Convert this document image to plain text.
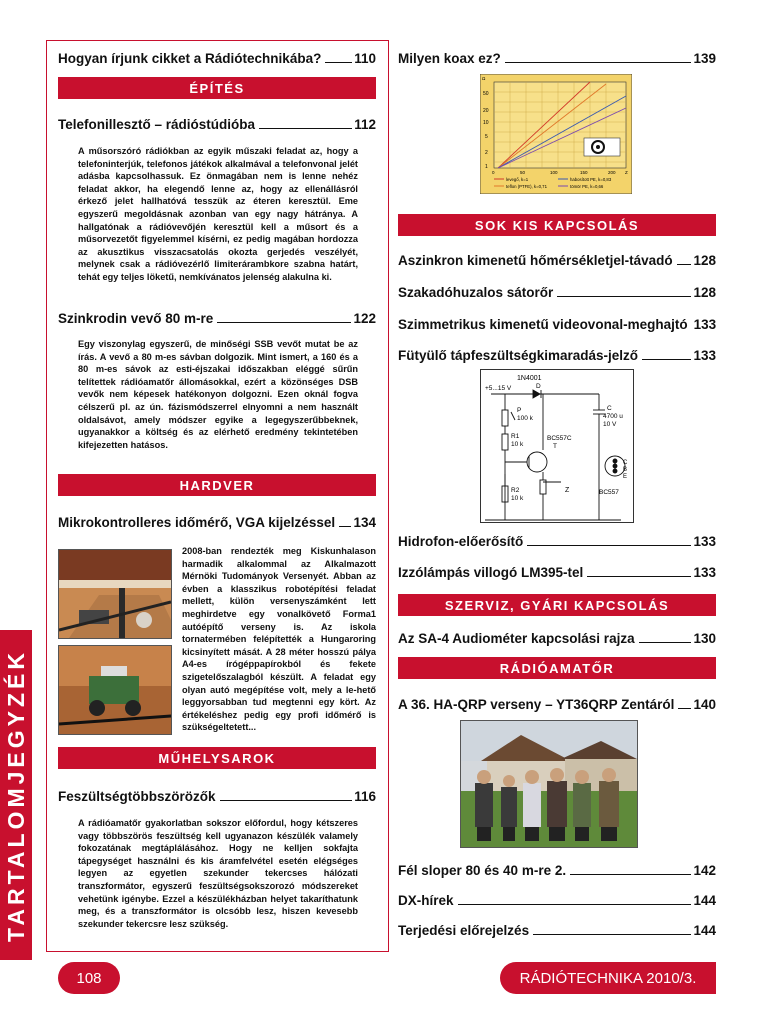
TARTALOMJEGYZÉK
Hogyan írjunk cikket a Rádiótechnikába? 110
ÉPÍTÉS
Telefonillesztő – rádióstúdióba	112
A műsorszóró rádiókban az egyik műszaki feladat az, hogy a telefoninterjúk, telefonos játékok alkalmával a telefonvonal jelét adásba kapcsolhassuk. Ez önmagában nem is lenne nehéz feladat akkor, ha elegendő lenne az, hogy az ellenállásról érkező jelet hallhatóvá tesszük az éteren keresztül. Eme egyszerű megoldásnak azonban van egy nagy hátránya. A hallgatónak a rádióvevőjén keresztül kell a műsort és a műsorvezetőt figyelemmel kísérni, ez pedig magában hordozza az akusztikus visszacsatolás okozta gerjedés veszélyét, melynek csak a rádióvezérlő limiterárambkore szabna határt, tehát egy teljes löketű, nemkívánatos jelenség alakulna ki.
Szinkrodin vevő 80 m-re	122
Egy viszonylag egyszerű, de minőségi SSB vevőt mutat be az írás. A vevő a 80 m-es sávban dolgozik. Mint ismert, a 160 és a 80 m-es sávok az esti-éjszakai időszakban eléggé sűrűn telítettek rádióamatőr állomásokkal, ezért a közönséges DSB vevők nem képesek hatékonyon dolgozni. Ezen oknál fogva célszerű pl. az ún. fázismódszerrel elnyomni a nem használt oldalsávot, amely módszer egyike a legegyszerűbbeknek, ugyanakkor a költség és az elérhető eredmény tekintetében kifejezetten hatásos.
HARDVER
Mikrokontrolleres időmérő, VGA kijelzéssel 134
2008-ban rendezték meg Kiskunhalason harmadik alkalommal az Alkalmazott Mérnöki Tudományok Versenyét. Abban az évben a klasszikus robotépítési feladat mellett, külön versenyszámként lett meghirdetve egy vonalkövető Forma1 autóépítő verseny is. Az iskola tornatermében felépítették a Hungaroring kicsinyített mását. A 28 méter hosszú pálya A4-es írógéppapírokból és fekete szigetelőszalagból készült. A feladat egy olyan autó megépítése volt, mely a le-hető leggyorsabban tud megtenni egy kört. Az értékeléshez pedig egy profi időmérő is szükségeltetett...
MŰHELYSAROK
Feszültségtöbbszörözők	116
A rádióamatőr gyakorlatban sokszor előfordul, hogy kétszeres vagy többszörös feszültség kell ugyanazon készülék valamely fokozatának megtáplálásához. Hogy ne kelljen sokfajta tápegységet használni és kis áramfelvétel esetén elégséges legyen az egyetlen szekunder tekercses hálózati transzformátor, egyszerű feszültségsokszorozó módszereket vehetünk igénybe. Ezzel a készülékházban helyet takaríthatunk meg, és a transzformátor is olcsóbb lesz, hiszen kevesebb szekunder tekercsre lesz szükség.
Milyen koax ez?	139
Ω
50
20
10
5
2
1
0	50	100	150	200 Z
levegő, k=1
teflon (PTFE), k=0,71
habosított PE, k=0,83
tömör PE, k=0,66
SOK KIS KAPCSOLÁS
Aszinkron kimenetű hőmérsékletjel-távadó 128
Szakadóhuzalos sátorőr	128
Szimmetrikus kimenetű videovonal-meghajtó 133
Fütyülő tápfeszültségkimaradás-jelző	133
1N4001
+5...15 V	D
P
100 k
R1
10 k
R2
10 k
C
4700 u
10 V
BC557C
T
Z
C
B
E
BC557
Hidrofon-előerősítő	133
Izzólámpás villogó LM395-tel	133
SZERVIZ, GYÁRI KAPCSOLÁS
Az SA-4 Audiométer kapcsolási rajza	130
RÁDIÓAMATŐR
A 36. HA-QRP verseny – YT36QRP Zentáról 140
Fél sloper 80 és 40 m-re 2.	142
DX-hírek	144
Terjedési előrejelzés	144
108	RÁDIÓTECHNIKA 2010/3.
